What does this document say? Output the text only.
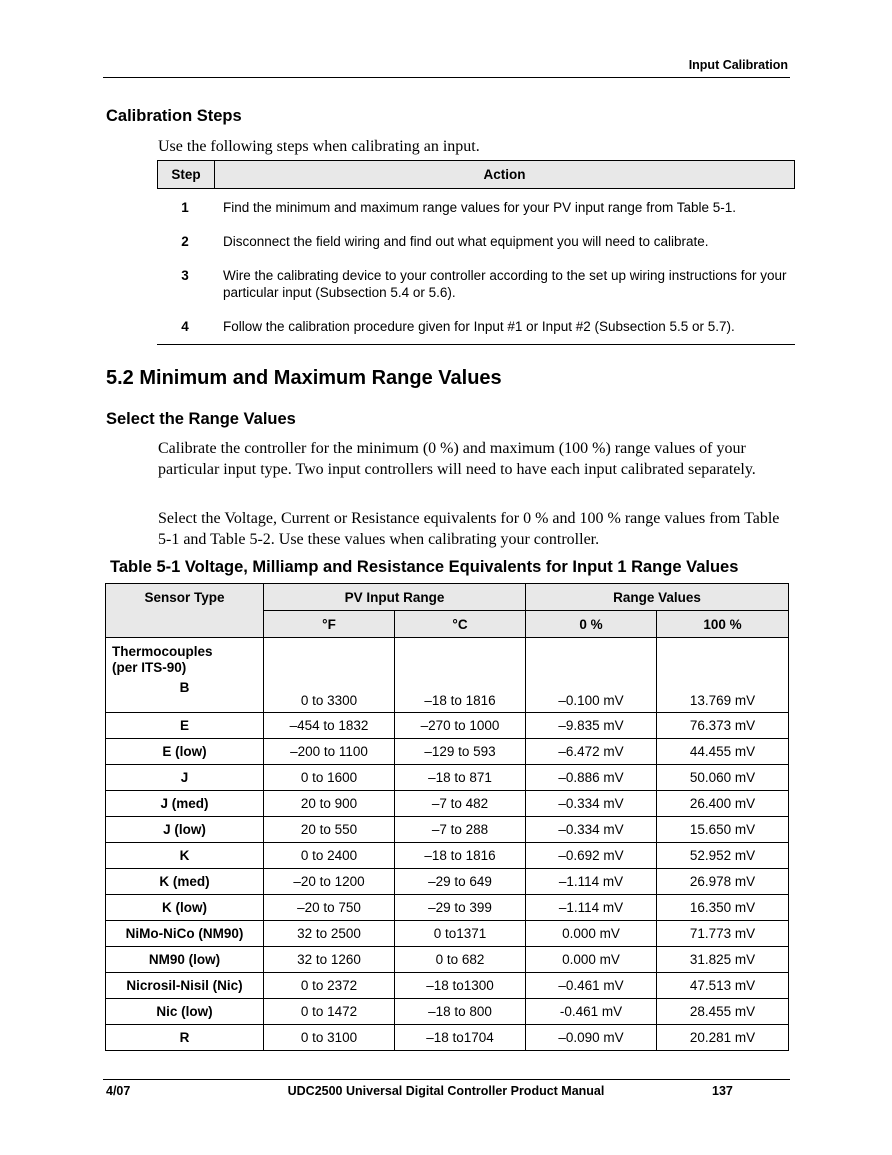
Input Calibration
Calibration Steps
Use the following steps when calibrating an input.
Step	Action
1	Find the minimum and maximum range values for your PV input range from Table 5-1.
2	Disconnect the field wiring and find out what equipment you will need to calibrate.
3	Wire the calibrating device to your controller according to the set up wiring instructions for your particular input (Subsection 5.4 or 5.6).
4	Follow the calibration procedure given for Input #1 or Input #2 (Subsection 5.5 or 5.7).
5.2 Minimum and Maximum Range Values
Select the Range Values
Calibrate the controller for the minimum (0 %) and maximum (100 %) range values of your particular input type. Two input controllers will need to have each input calibrated separately.
Select the Voltage, Current or Resistance equivalents for 0 % and 100 % range values from Table 5-1 and Table 5-2. Use these values when calibrating your controller.
Table 5-1 Voltage, Milliamp and Resistance Equivalents for Input 1 Range Values
Sensor Type	PV Input Range		Range Values	
	°F	°C	0 %	100 %

Thermocouples (per ITS-90)
B	0 to 3300	–18 to 1816	–0.100 mV	13.769 mV
E	–454 to 1832	–270 to 1000	–9.835 mV	76.373 mV
E (low)	–200 to 1100	–129 to 593	–6.472 mV	44.455 mV
J	0 to 1600	–18 to 871	–0.886 mV	50.060 mV
J (med)	20 to 900	–7 to 482	–0.334 mV	26.400 mV
J (low)	20 to 550	–7 to 288	–0.334 mV	15.650 mV
K	0 to 2400	–18 to 1816	–0.692 mV	52.952 mV
K (med)	–20 to 1200	–29 to 649	–1.114 mV	26.978 mV
K (low)	–20 to 750	–29 to 399	–1.114 mV	16.350 mV
NiMo-NiCo (NM90)	32 to 2500	0 to1371	0.000 mV	71.773 mV
NM90 (low)	32 to 1260	0 to 682	0.000 mV	31.825 mV
Nicrosil-Nisil (Nic)	0 to 2372	–18 to1300	–0.461 mV	47.513 mV
Nic (low)	0 to 1472	–18 to 800	-0.461 mV	28.455 mV
R	0 to 3100	–18 to1704	–0.090 mV	20.281 mV
4/07	UDC2500 Universal Digital Controller Product Manual	137
